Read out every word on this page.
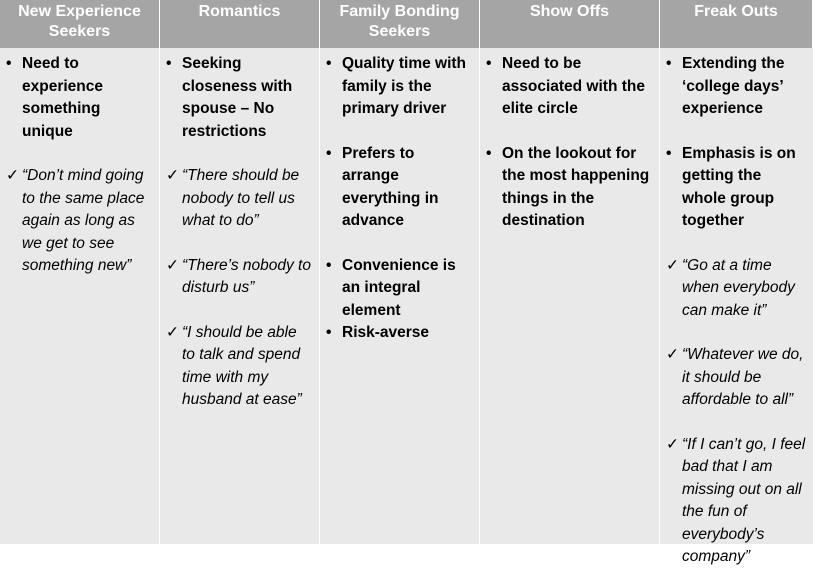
New Experience Seekers
Romantics	Family Bonding Seekers
Show Offs	Freak Outs
• Need to experience something unique
✓ “Don’t mind going to the same place again as long as we get to see something new”
• Seeking closeness with spouse – No restrictions
✓ “There should be nobody to tell us what to do”
✓ “There’s nobody to disturb us”
✓ “I should be able to talk and spend time with my husband at ease”
• Quality time with family is the primary driver
• Prefers to arrange everything in advance
• Convenience is an integral element
• Risk-averse
• Need to be associated with the elite circle
• On the lookout for the most happening things in the destination
• Extending the ‘college days’ experience
• Emphasis is on getting the whole group together
✓ “Go at a time when everybody can make it”
✓ “Whatever we do, it should be affordable to all”
✓ “If I can’t go, I feel bad that I am missing out on all the fun of everybody’s company”
